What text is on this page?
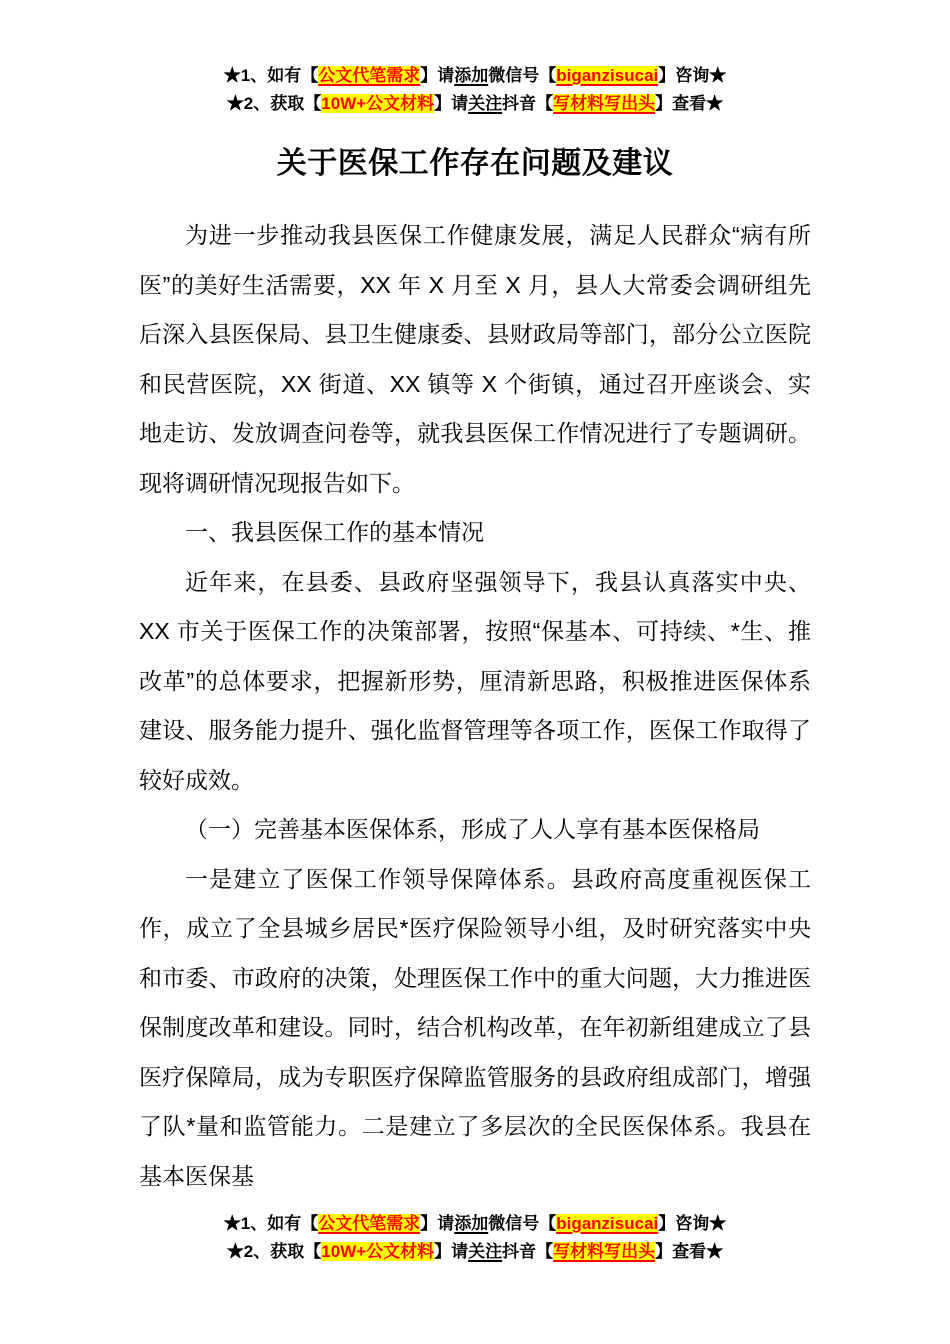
★1、如有【公文代笔需求】请添加微信号【biganzisucai】咨询★
★2、获取【10W+公文材料】请关注抖音【写材料写出头】查看★
关于医保工作存在问题及建议

为进一步推动我县医保工作健康发展，满足人民群众“病有所医”的美好生活需要，XX 年 X 月至 X 月，县人大常委会调研组先后深入县医保局、县卫生健康委、县财政局等部门，部分公立医院和民营医院，XX 街道、XX 镇等 X 个街镇，通过召开座谈会、实地走访、发放调查问卷等，就我县医保工作情况进行了专题调研。现将调研情况现报告如下。

一、我县医保工作的基本情况

近年来，在县委、县政府坚强领导下，我县认真落实中央、XX 市关于医保工作的决策部署，按照“保基本、可持续、*生、推改革”的总体要求，把握新形势，厘清新思路，积极推进医保体系建设、服务能力提升、强化监督管理等各项工作，医保工作取得了较好成效。

（一）完善基本医保体系，形成了人人享有基本医保格局

一是建立了医保工作领导保障体系。县政府高度重视医保工作，成立了全县城乡居民*医疗保险领导小组，及时研究落实中央和市委、市政府的决策，处理医保工作中的重大问题，大力推进医保制度改革和建设。同时，结合机构改革，在年初新组建成立了县医疗保障局，成为专职医疗保障监管服务的县政府组成部门，增强了队*量和监管能力。二是建立了多层次的全民医保体系。我县在基本医保基

★1、如有【公文代笔需求】请添加微信号【biganzisucai】咨询★
★2、获取【10W+公文材料】请关注抖音【写材料写出头】查看★
